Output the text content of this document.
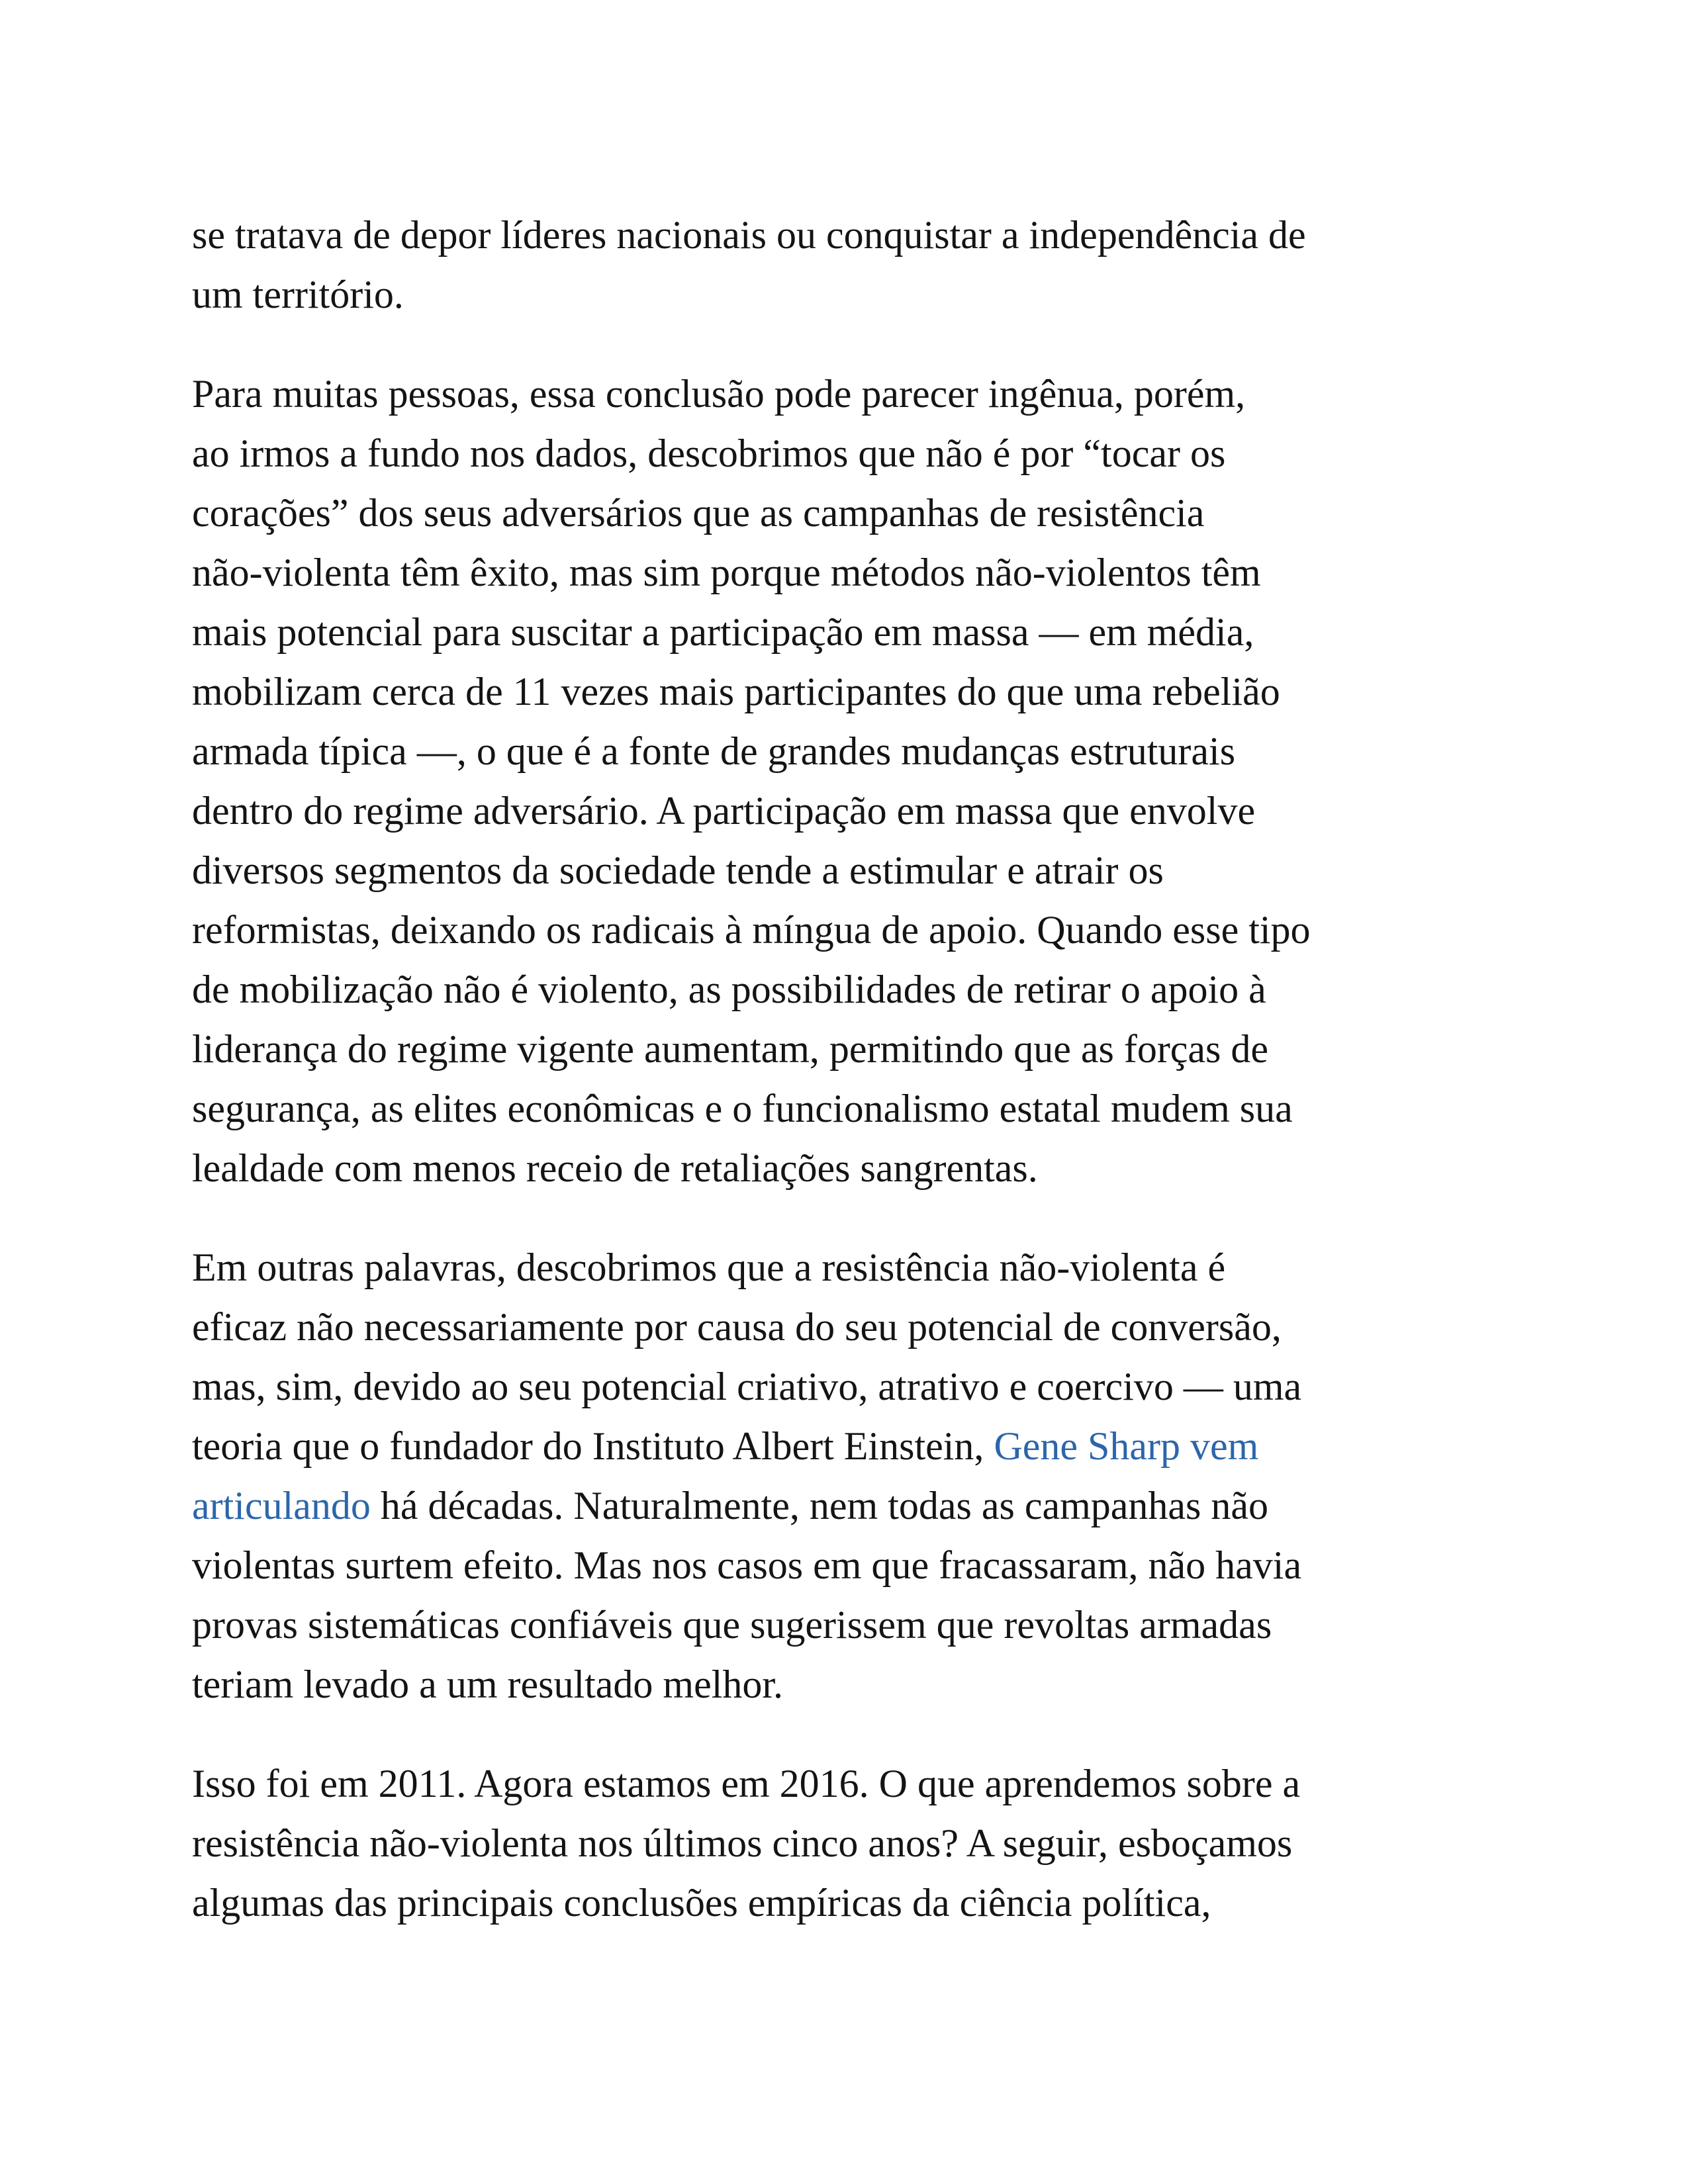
se tratava de depor líderes nacionais ou conquistar a independência de
um território.

Para muitas pessoas, essa conclusão pode parecer ingênua, porém,
ao irmos a fundo nos dados, descobrimos que não é por “tocar os
corações” dos seus adversários que as campanhas de resistência
não-violenta têm êxito, mas sim porque métodos não-violentos têm
mais potencial para suscitar a participação em massa — em média,
mobilizam cerca de 11 vezes mais participantes do que uma rebelião
armada típica —, o que é a fonte de grandes mudanças estruturais
dentro do regime adversário. A participação em massa que envolve
diversos segmentos da sociedade tende a estimular e atrair os
reformistas, deixando os radicais à míngua de apoio. Quando esse tipo
de mobilização não é violento, as possibilidades de retirar o apoio à
liderança do regime vigente aumentam, permitindo que as forças de
segurança, as elites econômicas e o funcionalismo estatal mudem sua
lealdade com menos receio de retaliações sangrentas.

Em outras palavras, descobrimos que a resistência não-violenta é
eficaz não necessariamente por causa do seu potencial de conversão,
mas, sim, devido ao seu potencial criativo, atrativo e coercivo — uma
teoria que o fundador do Instituto Albert Einstein, Gene Sharp vem
articulando há décadas. Naturalmente, nem todas as campanhas não
violentas surtem efeito. Mas nos casos em que fracassaram, não havia
provas sistemáticas confiáveis que sugerissem que revoltas armadas
teriam levado a um resultado melhor.

Isso foi em 2011. Agora estamos em 2016. O que aprendemos sobre a
resistência não-violenta nos últimos cinco anos? A seguir, esboçamos
algumas das principais conclusões empíricas da ciência política,
